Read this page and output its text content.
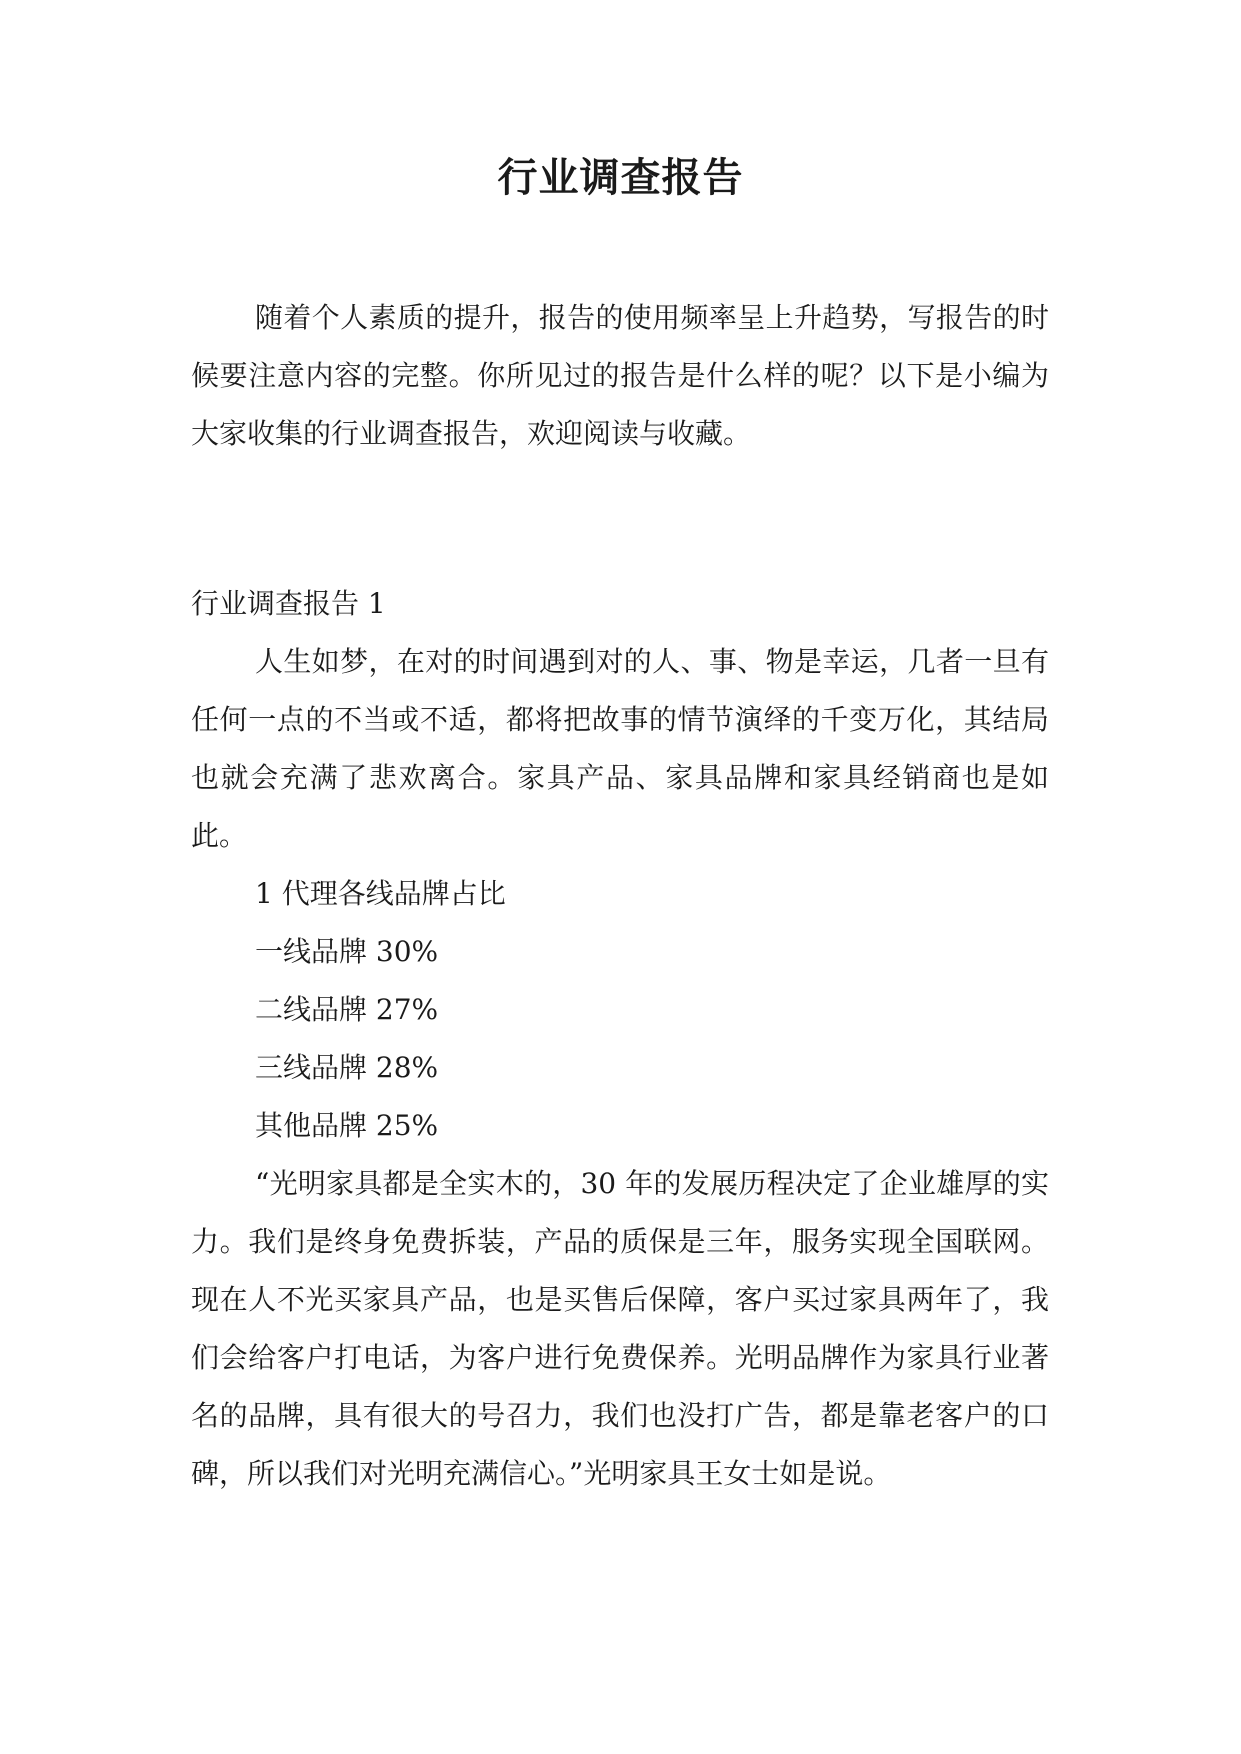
行业调查报告

随着个人素质的提升，报告的使用频率呈上升趋势，写报告的时候要注意内容的完整。你所见过的报告是什么样的呢？以下是小编为大家收集的行业调查报告，欢迎阅读与收藏。

行业调查报告 1

人生如梦，在对的时间遇到对的人、事、物是幸运，几者一旦有任何一点的不当或不适，都将把故事的情节演绎的千变万化，其结局也就会充满了悲欢离合。家具产品、家具品牌和家具经销商也是如此。

1 代理各线品牌占比
一线品牌 30%
二线品牌 27%
三线品牌 28%
其他品牌 25%

“光明家具都是全实木的，30 年的发展历程决定了企业雄厚的实力。我们是终身免费拆装，产品的质保是三年，服务实现全国联网。现在人不光买家具产品，也是买售后保障，客户买过家具两年了，我们会给客户打电话，为客户进行免费保养。光明品牌作为家具行业著名的品牌，具有很大的号召力，我们也没打广告，都是靠老客户的口碑，所以我们对光明充满信心。”光明家具王女士如是说。
